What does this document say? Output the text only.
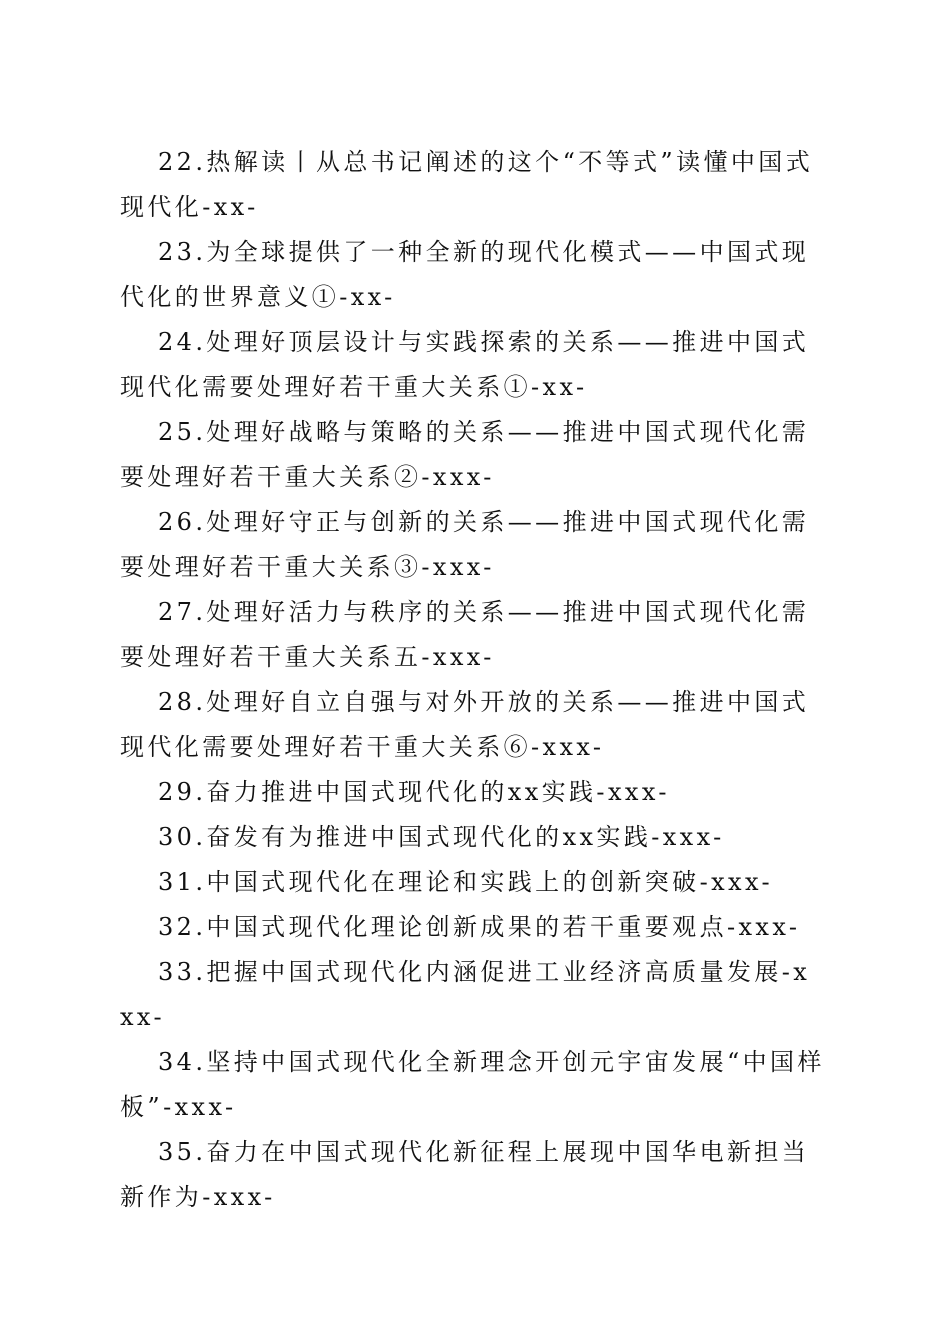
22.热解读丨从总书记阐述的这个“不等式”读懂中国式现代化-xx-

23.为全球提供了一种全新的现代化模式——中国式现代化的世界意义①-xx-

24.处理好顶层设计与实践探索的关系——推进中国式现代化需要处理好若干重大关系①-xx-

25.处理好战略与策略的关系——推进中国式现代化需要处理好若干重大关系②-xxx-

26.处理好守正与创新的关系——推进中国式现代化需要处理好若干重大关系③-xxx-

27.处理好活力与秩序的关系——推进中国式现代化需要处理好若干重大关系五-xxx-

28.处理好自立自强与对外开放的关系——推进中国式现代化需要处理好若干重大关系⑥-xxx-

29.奋力推进中国式现代化的xx实践-xxx-

30.奋发有为推进中国式现代化的xx实践-xxx-

31.中国式现代化在理论和实践上的创新突破-xxx-

32.中国式现代化理论创新成果的若干重要观点-xxx-

33.把握中国式现代化内涵促进工业经济高质量发展-xxx-

34.坚持中国式现代化全新理念开创元宇宙发展“中国样板”-xxx-

35.奋力在中国式现代化新征程上展现中国华电新担当新作为-xxx-
